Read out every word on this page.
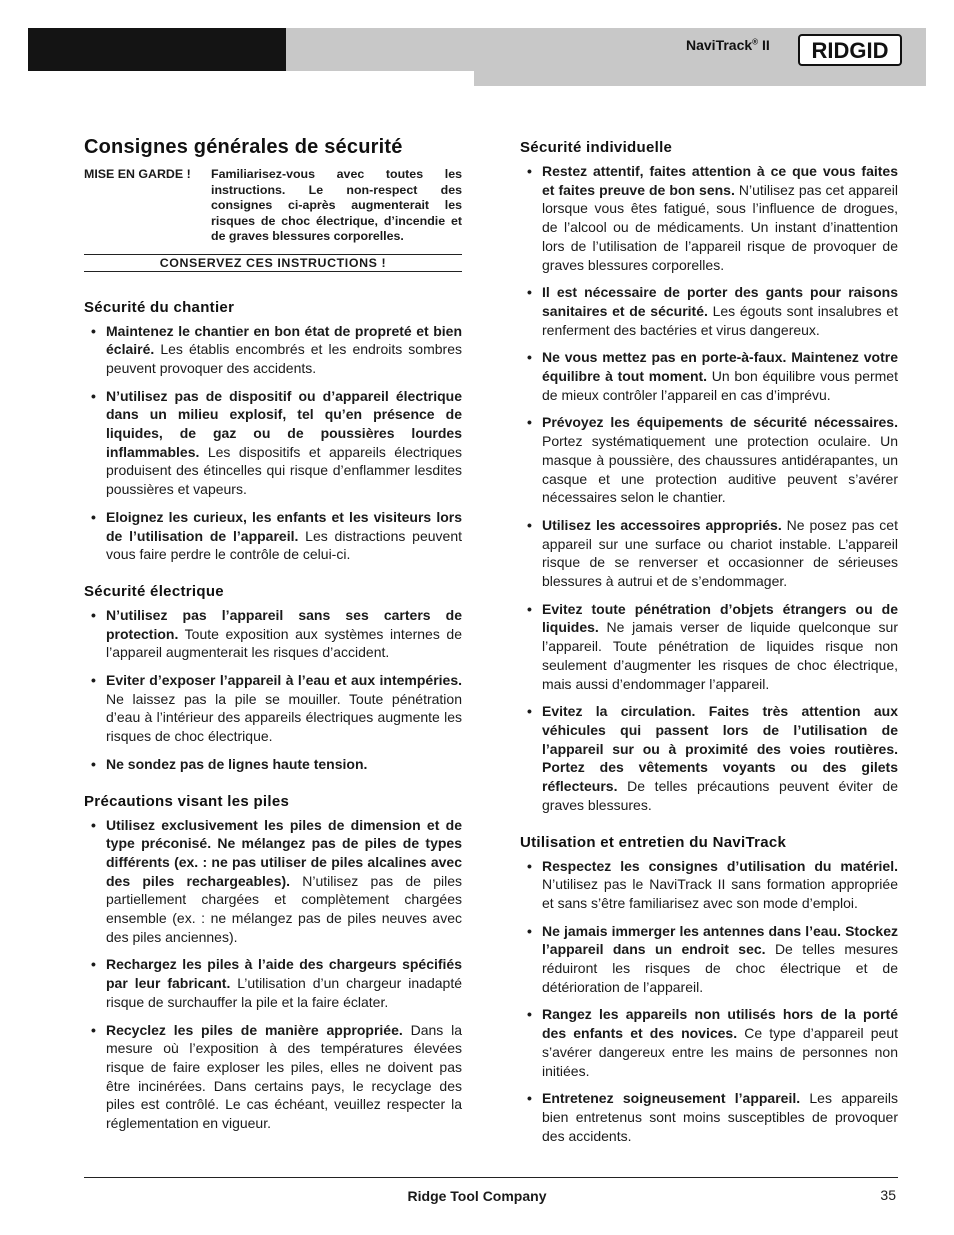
NaviTrack® II RIDGID
Consignes générales de sécurité
MISE EN GARDE !	Familiarisez-vous avec toutes les instructions. Le non-respect des consignes ci-après augmenterait les risques de choc électrique, d’incendie et de graves blessures corporelles.
CONSERVEZ CES INSTRUCTIONS !
Sécurité du chantier
• Maintenez le chantier en bon état de propreté et bien éclairé. Les établis encombrés et les endroits sombres peuvent provoquer des accidents.
• N’utilisez pas de dispositif ou d’appareil électrique dans un milieu explosif, tel qu’en présence de liquides, de gaz ou de poussières lourdes inflammables. Les dispositifs et appareils électriques produisent des étincelles qui risque d’enflammer lesdites poussières et vapeurs.
• Eloignez les curieux, les enfants et les visiteurs lors de l’utilisation de l’appareil. Les distractions peuvent vous faire perdre le contrôle de celui-ci.
Sécurité électrique
• N’utilisez pas l’appareil sans ses carters de protection. Toute exposition aux systèmes internes de l’appareil augmenterait les risques d’accident.
• Eviter d’exposer l’appareil à l’eau et aux intempéries. Ne laissez pas la pile se mouiller. Toute pénétration d’eau à l’intérieur des appareils électriques augmente les risques de choc électrique.
• Ne sondez pas de lignes haute tension.
Précautions visant les piles
• Utilisez exclusivement les piles de dimension et de type préconisé. Ne mélangez pas de piles de types différents (ex. : ne pas utiliser de piles alcalines avec des piles rechargeables). N’utilisez pas de piles partiellement chargées et complètement chargées ensemble (ex. : ne mélangez pas de piles neuves avec des piles anciennes).
• Rechargez les piles à l’aide des chargeurs spécifiés par leur fabricant. L’utilisation d’un chargeur inadapté risque de surchauffer la pile et la faire éclater.
• Recyclez les piles de manière appropriée. Dans la mesure où l’exposition à des températures élevées risque de faire exploser les piles, elles ne doivent pas être incinérées. Dans certains pays, le recyclage des piles est contrôlé. Le cas échéant, veuillez respecter la réglementation en vigueur.
Sécurité individuelle
• Restez attentif, faites attention à ce que vous faites et faites preuve de bon sens. N’utilisez pas cet appareil lorsque vous êtes fatigué, sous l’influence de drogues, de l’alcool ou de médicaments. Un instant d’inattention lors de l’utilisation de l’appareil risque de provoquer de graves blessures corporelles.
• Il est nécessaire de porter des gants pour raisons sanitaires et de sécurité. Les égouts sont insalubres et renferment des bactéries et virus dangereux.
• Ne vous mettez pas en porte-à-faux. Maintenez votre équilibre à tout moment. Un bon équilibre vous permet de mieux contrôler l’appareil en cas d’imprévu.
• Prévoyez les équipements de sécurité nécessaires. Portez systématiquement une protection oculaire. Un masque à poussière, des chaussures antidérapantes, un casque et une protection auditive peuvent s’avérer nécessaires selon le chantier.
• Utilisez les accessoires appropriés. Ne posez pas cet appareil sur une surface ou chariot instable. L’appareil risque de se renverser et occasionner de sérieuses blessures à autrui et de s’endommager.
• Evitez toute pénétration d’objets étrangers ou de liquides. Ne jamais verser de liquide quelconque sur l’appareil. Toute pénétration de liquides risque non seulement d’augmenter les risques de choc électrique, mais aussi d’endommager l’appareil.
• Evitez la circulation. Faites très attention aux véhicules qui passent lors de l’utilisation de l’appareil sur ou à proximité des voies routières. Portez des vêtements voyants ou des gilets réflecteurs. De telles précautions peuvent éviter de graves blessures.
Utilisation et entretien du NaviTrack
• Respectez les consignes d’utilisation du matériel. N’utilisez pas le NaviTrack II sans formation appropriée et sans s’être familiarisez avec son mode d’emploi.
• Ne jamais immerger les antennes dans l’eau. Stockez l’appareil dans un endroit sec. De telles mesures réduiront les risques de choc électrique et de détérioration de l’appareil.
• Rangez les appareils non utilisés hors de la porté des enfants et des novices. Ce type d’appareil peut s’avérer dangereux entre les mains de personnes non initiées.
• Entretenez soigneusement l’appareil. Les appareils bien entretenus sont moins susceptibles de provoquer des accidents.
Ridge Tool Company	35
